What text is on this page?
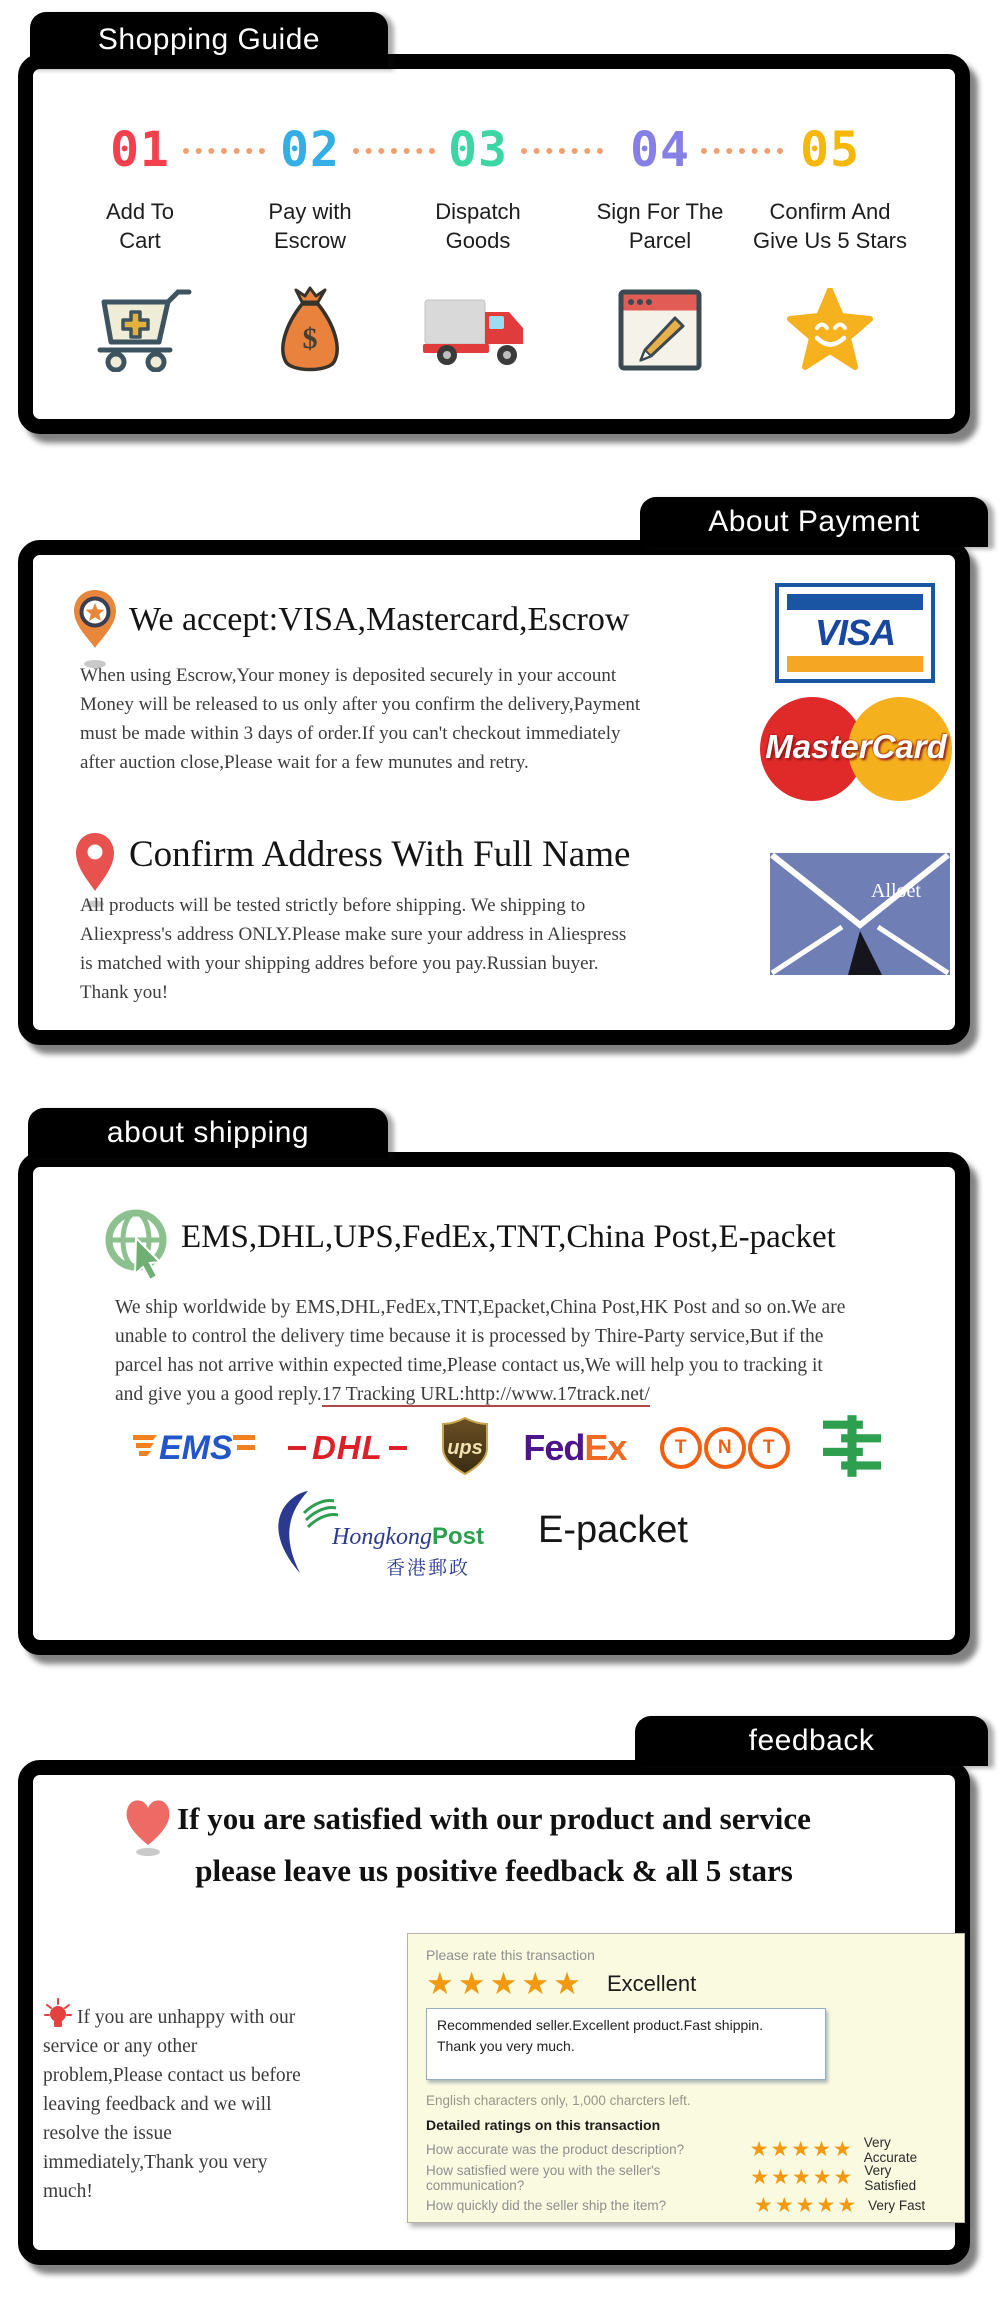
Shopping Guide
01
Add To
Cart
02
Pay with
Escrow
$
03
Dispatch
Goods
04
Sign For The
Parcel
05
Confirm And
Give Us 5 Stars
About Payment
We accept:VISA,Mastercard,Escrow
When using Escrow,Your money is deposited securely in your account
Money will be released to us only after you confirm the delivery,Payment
must be made within 3 days of order.If you can't checkout immediately
after auction close,Please wait for a few munutes and retry.
VISA
MasterCard
Confirm Address With Full Name
All products will be tested strictly before shipping. We shipping to
Aliexpress's address ONLY.Please make sure your address in Aliespress
is matched with your shipping addres before you pay.Russian buyer.
Thank you!
Alloet
about shipping
EMS,DHL,UPS,FedEx,TNT,China Post,E-packet
We ship worldwide by EMS,DHL,FedEx,TNT,Epacket,China Post,HK Post and so on.We are
unable to control the delivery time because it is processed by Thire-Party service,But if the
parcel has not arrive within expected time,Please contact us,We will help you to tracking it
and give you a good reply.17 Tracking URL:http://www.17track.net/
EMS DHL	ups FedEx	T	N	T
HongkongPost
香港郵政
E-packet
feedback
If you are satisfied with our product and service
please leave us positive feedback & all 5 stars
If you are unhappy with our service or any other problem,Please contact us before leaving feedback and we will resolve the issue immediately,Thank you very much!
Please rate this transaction
★★★★★ Excellent
Recommended seller.Excellent product.Fast shippin.
Thank you very much.
English characters only, 1,000 charcters left.
Detailed ratings on this transaction
How accurate was the product description?	★★★★★ Very Accurate
How satisfied were you with the seller's communication?	★★★★★ Very Satisfied
How quickly did the seller ship the item?	★★★★★ Very Fast
